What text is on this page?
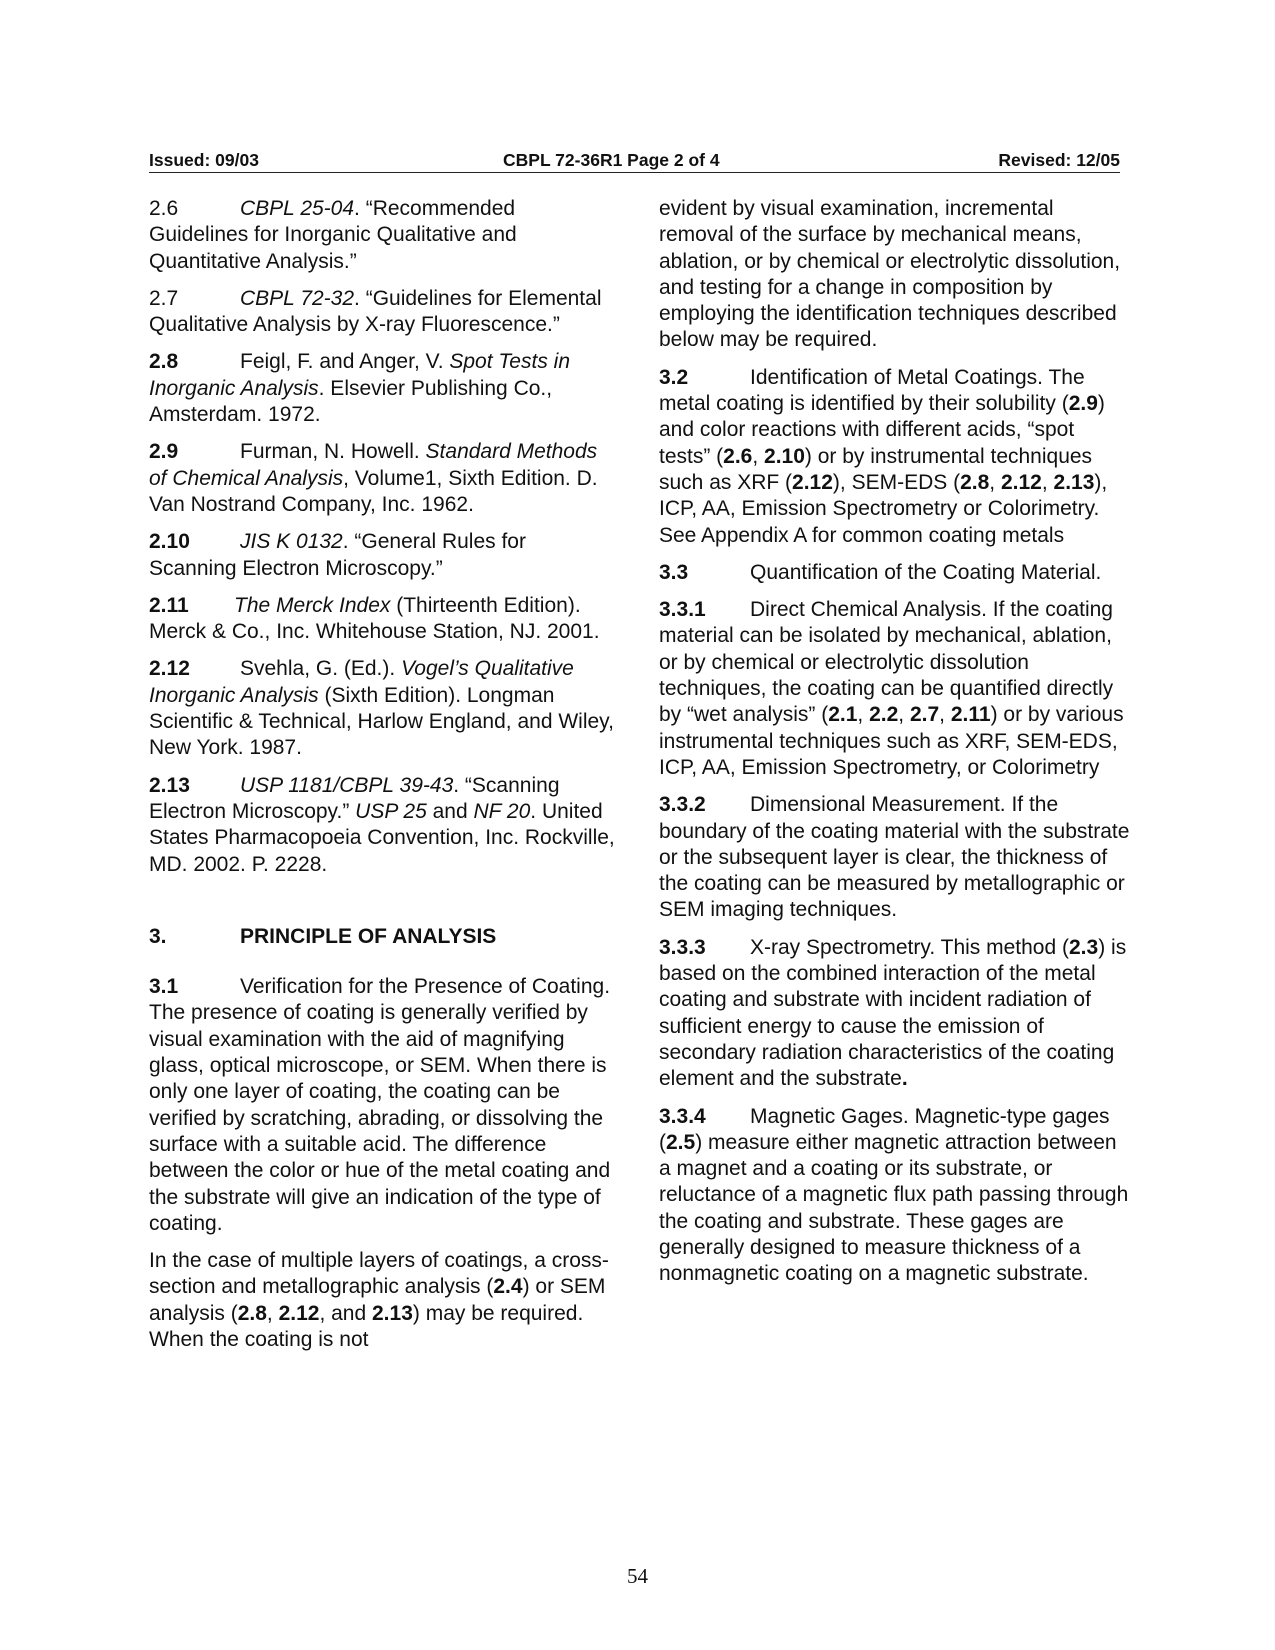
Issued: 09/03	CBPL 72-36R1 Page 2 of 4	Revised: 12/05

2.6	CBPL 25-04. “Recommended Guidelines for Inorganic Qualitative and Quantitative Analysis.”

2.7	CBPL 72-32. “Guidelines for Elemental Qualitative Analysis by X-ray Fluorescence.”

2.8	Feigl, F. and Anger, V. Spot Tests in Inorganic Analysis. Elsevier Publishing Co., Amsterdam. 1972.

2.9	Furman, N. Howell. Standard Methods of Chemical Analysis, Volume1, Sixth Edition. D. Van Nostrand Company, Inc. 1962.

2.10 JIS K 0132. “General Rules for Scanning Electron Microscopy.”

2.11 The Merck Index (Thirteenth Edition). Merck & Co., Inc. Whitehouse Station, NJ. 2001.

2.12 Svehla, G. (Ed.). Vogel’s Qualitative Inorganic Analysis (Sixth Edition). Longman Scientific & Technical, Harlow England, and Wiley, New York. 1987.

2.13 USP 1181/CBPL 39-43. “Scanning Electron Microscopy.” USP 25 and NF 20. United States Pharmacopoeia Convention, Inc. Rockville, MD. 2002. P. 2228.

3.	PRINCIPLE OF ANALYSIS

3.1	Verification for the Presence of Coating. The presence of coating is generally verified by visual examination with the aid of magnifying glass, optical microscope, or SEM. When there is only one layer of coating, the coating can be verified by scratching, abrading, or dissolving the surface with a suitable acid. The difference between the color or hue of the metal coating and the substrate will give an indication of the type of coating.

In the case of multiple layers of coatings, a cross-section and metallographic analysis (2.4) or SEM analysis (2.8, 2.12, and 2.13) may be required. When the coating is not

evident by visual examination, incremental removal of the surface by mechanical means, ablation, or by chemical or electrolytic dissolution, and testing for a change in composition by employing the identification techniques described below may be required.

3.2	Identification of Metal Coatings. The metal coating is identified by their solubility (2.9) and color reactions with different acids, “spot tests” (2.6, 2.10) or by instrumental techniques such as XRF (2.12), SEM-EDS (2.8, 2.12, 2.13), ICP, AA, Emission Spectrometry or Colorimetry. See Appendix A for common coating metals

3.3	Quantification of the Coating Material.

3.3.1 Direct Chemical Analysis. If the coating material can be isolated by mechanical, ablation, or by chemical or electrolytic dissolution techniques, the coating can be quantified directly by “wet analysis” (2.1, 2.2, 2.7, 2.11) or by various instrumental techniques such as XRF, SEM-EDS, ICP, AA, Emission Spectrometry, or Colorimetry

3.3.2 Dimensional Measurement. If the boundary of the coating material with the substrate or the subsequent layer is clear, the thickness of the coating can be measured by metallographic or SEM imaging techniques.

3.3.3 X-ray Spectrometry. This method (2.3) is based on the combined interaction of the metal coating and substrate with incident radiation of sufficient energy to cause the emission of secondary radiation characteristics of the coating element and the substrate.

3.3.4 Magnetic Gages. Magnetic-type gages (2.5) measure either magnetic attraction between a magnet and a coating or its substrate, or reluctance of a magnetic flux path passing through the coating and substrate. These gages are generally designed to measure thickness of a nonmagnetic coating on a magnetic substrate.

54
